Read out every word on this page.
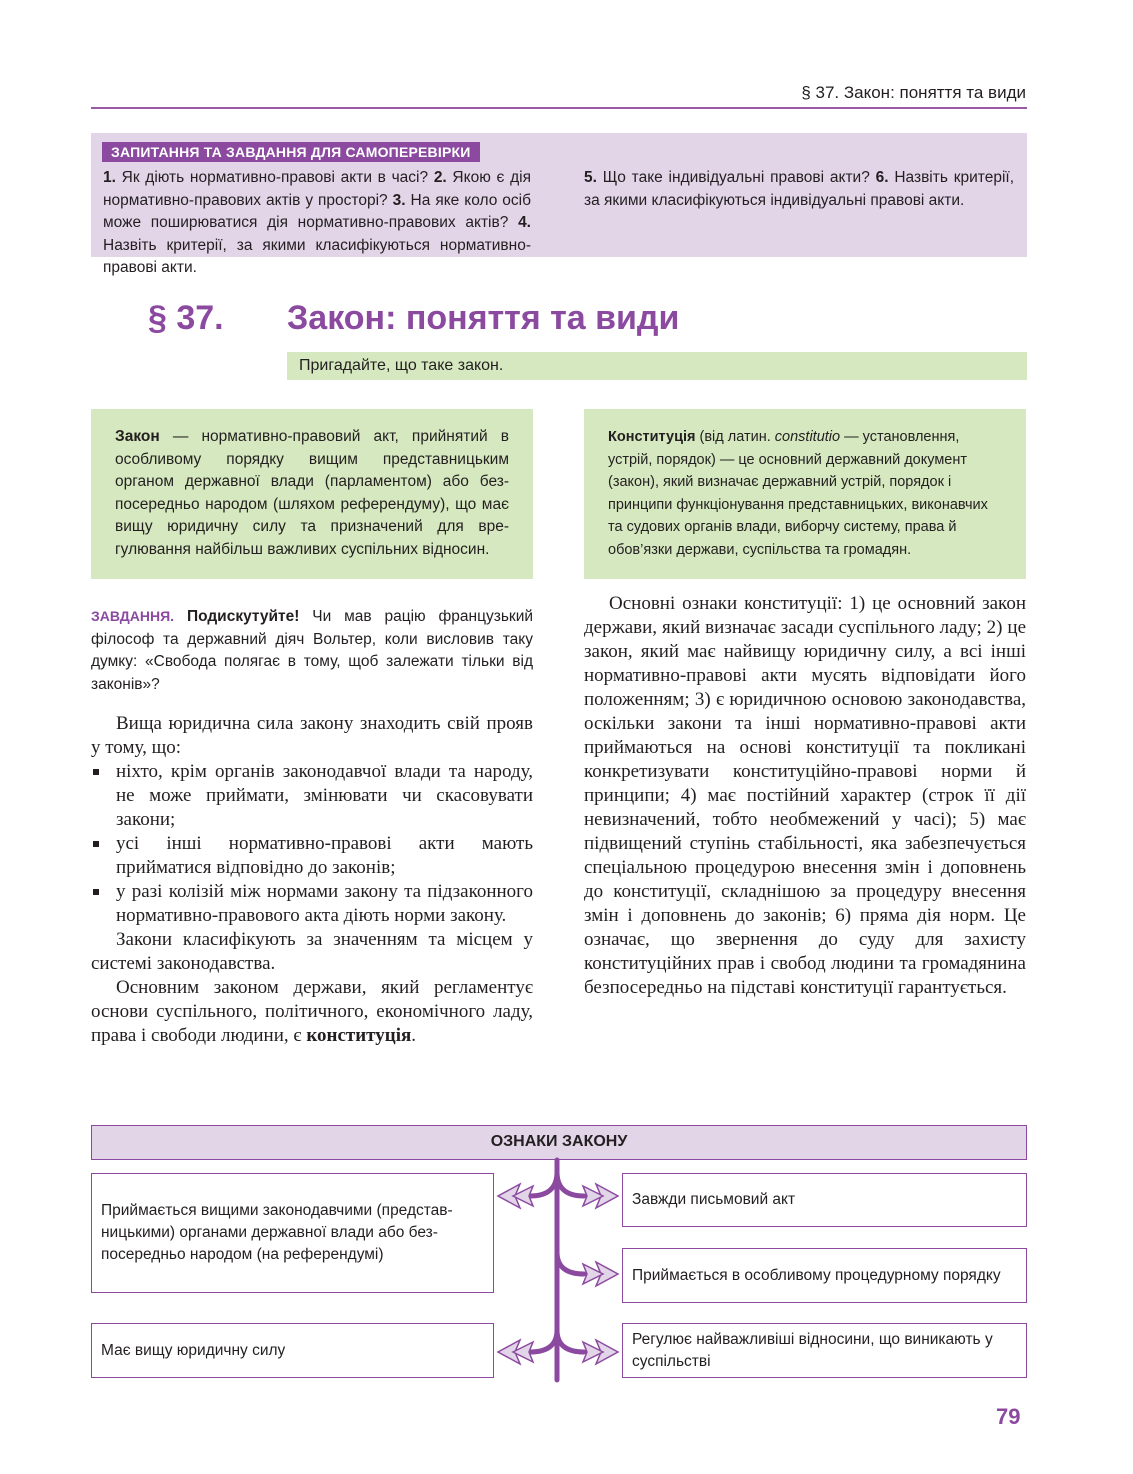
§ 37. Закон: поняття та види
ЗАПИТАННЯ ТА ЗАВДАННЯ ДЛЯ САМОПЕРЕВІРКИ
1. Як діють нормативно-правові акти в часі? 2. Якою є дія нормативно-правових актів у просторі? 3. На яке коло осіб може поширюватися дія нормативно-правових актів? 4. Назвіть критерії, за якими класифікуються нормативно-правові акти.
5. Що таке індивідуальні правові акти? 6. Назвіть критерії, за якими класифікуються індивідуальні правові акти.
§ 37. Закон: поняття та види
Пригадайте, що таке закон.
Закон — нормативно-правовий акт, прийнятий в особливому порядку вищим представницьким органом державної влади (парламентом) або безпосередньо народом (шляхом референдуму), що має вищу юридичну силу та призначений для врегулювання найбільш важливих суспільних відносин.
Конституція (від латин. constitutio — установлення, устрій, порядок) — це основний державний документ (закон), який визначає державний устрій, порядок і принципи функціонування представницьких, виконавчих та судових органів влади, виборчу систему, права й обов’язки держави, суспільства та громадян.
ЗАВДАННЯ. Подискутуйте! Чи мав рацію французький філософ та державний діяч Вольтер, коли висловив таку думку: «Свобода полягає в тому, щоб залежати тільки від законів»?

Вища юридична сила закону знаходить свій прояв у тому, що:

ніхто, крім органів законодавчої влади та народу, не може приймати, змінювати чи скасовувати закони;
усі інші нормативно-правові акти мають прийматися відповідно до законів;
у разі колізій між нормами закону та підзаконного нормативно-правового акта діють норми закону.

Закони класифікують за значенням та місцем у системі законодавства.

Основним законом держави, який регламентує основи суспільного, політичного, економічного ладу, права і свободи людини, є конституція.

Основні ознаки конституції: 1) це основний закон держави, який визначає засади суспільного ладу; 2) це закон, який має найвищу юридичну силу, а всі інші нормативно-правові акти мусять відповідати його положенням; 3) є юридичною основою законодавства, оскільки закони та інші нормативно-правові акти приймаються на основі конституції та покликані конкретизувати конституційно-правові норми й принципи; 4) має постійний характер (строк її дії невизначений, тобто необмежений у часі); 5) має підвищений ступінь стабільності, яка забезпечується спеціальною процедурою внесення змін і доповнень до конституції, складнішою за процедуру внесення змін і доповнень до законів; 6) пряма дія норм. Це означає, що звернення до суду для захисту конституційних прав і свобод людини та громадянина безпосередньо на підставі конституції гарантується.
ОЗНАКИ ЗАКОНУ
Приймається вищими законодавчими (представницькими) органами державної влади або безпосередньо народом (на референдумі)
Має вищу юридичну силу
Завжди письмовий акт
Приймається в особливому процедурному порядку
Регулює найважливіші відносини, що виникають у суспільстві
79
